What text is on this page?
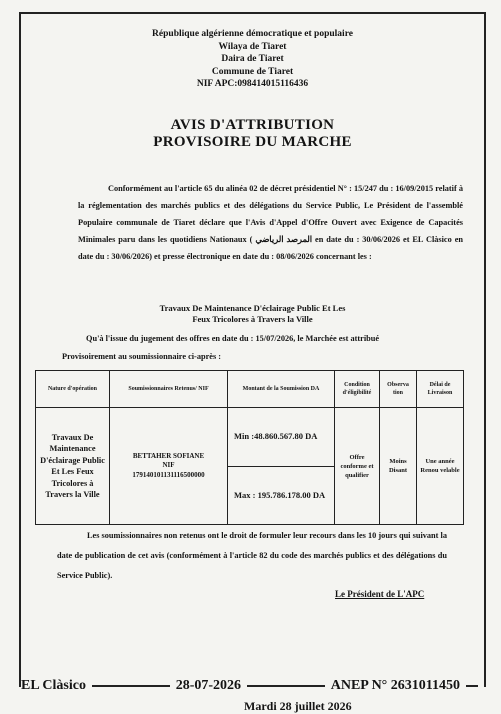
République algérienne démocratique et populaire
Wilaya de Tiaret
Daira de Tiaret
Commune de Tiaret
NIF APC:098414015116436
AVIS D'ATTRIBUTION
PROVISOIRE DU MARCHE
Conformément au l'article 65 du alinéa 02 de décret présidentiel N° : 15/247 du : 16/09/2015 relatif à la réglementation des marchés publics et des délégations du Service Public, Le Président de l'assemblé Populaire communale de Tiaret déclare que l'Avis d'Appel d'Offre Ouvert avec Exigence de Capacités Minimales paru dans les quotidiens Nationaux ( المرصد الرياضي en date du : 30/06/2026 et EL Clàsico en date du : 30/06/2026) et presse électronique en date du : 08/06/2026 concernant les :
Travaux De Maintenance D'éclairage Public Et Les
Feux Tricolores à Travers la Ville
Qu'à l'issue du jugement des offres en date du : 15/07/2026, le Marchée est attribué
Provisoirement au soumissionnaire ci-après :
Nature d'opération	Soumissionnaires Retenus/ NIF	Montant de la Soumission DA	Condition d'éligibilité	Observa tion	Délai de Livraison
Travaux De Maintenance D'éclairage Public Et Les Feux Tricolores à Travers la Ville	BETTAHER SOFIANE
NIF
179140101131116500000	Min :48.860.567.80 DA	Offre conforme et qualifier	Moins Disant	Une année Renou velable
		Max : 195.786.178.00 DA			
Les soumissionnaires non retenus ont le droit de formuler leur recours dans les 10 jours qui suivant la date de publication de cet avis (conformément à l'article 82 du code des marchés publics et des délégations du Service Public).
Le Président de L'APC
EL Clàsico	28-07-2026	ANEP N° 2631011450
Mardi 28 juillet 2026
